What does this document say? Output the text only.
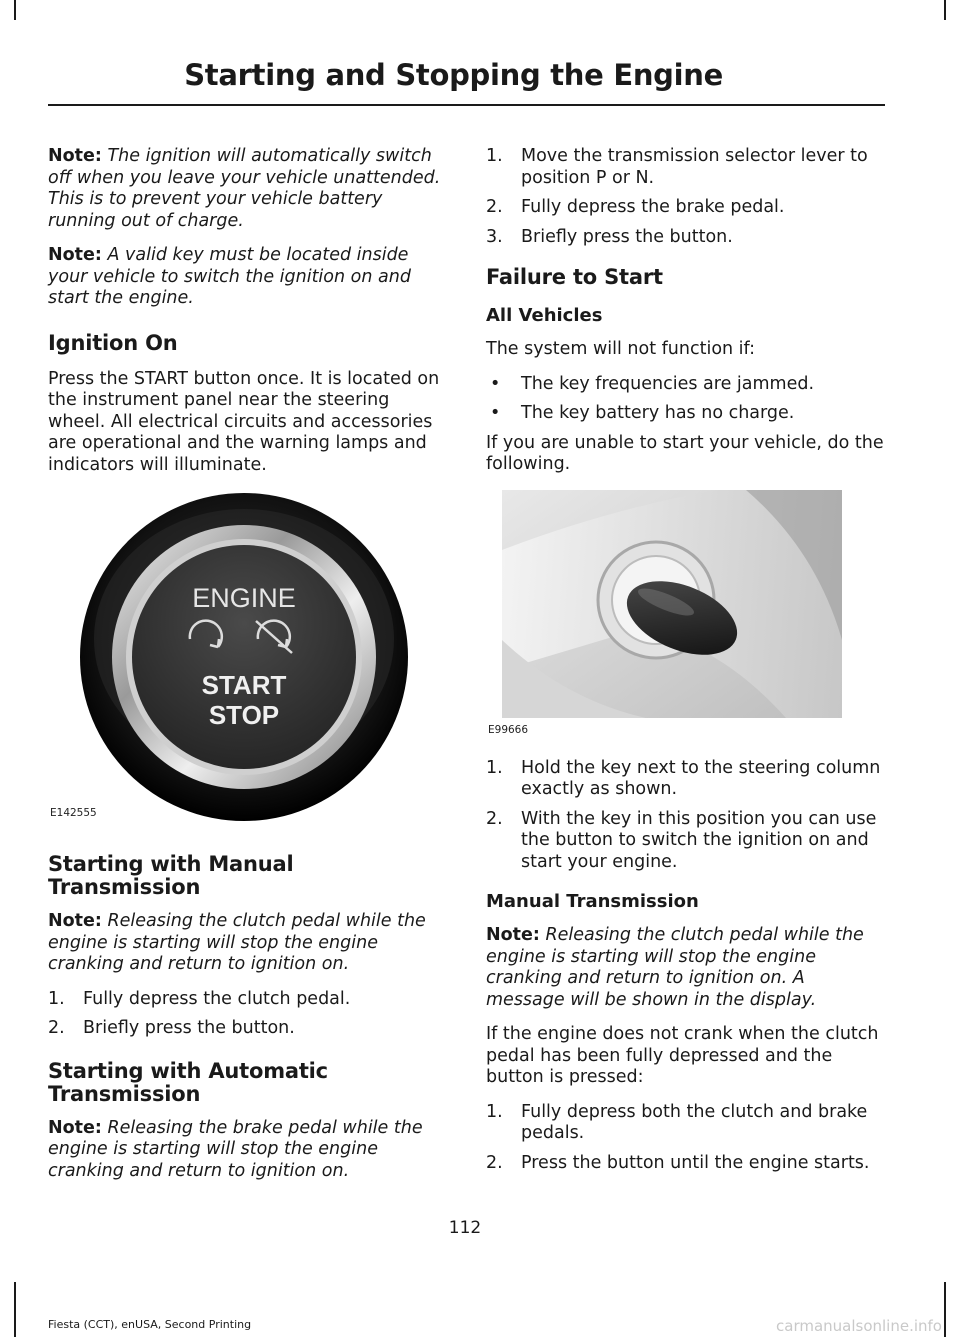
Starting and Stopping the Engine

Note: The ignition will automatically switch off when you leave your vehicle unattended. This is to prevent your vehicle battery running out of charge.

Note: A valid key must be located inside your vehicle to switch the ignition on and start the engine.

Ignition On

Press the START button once. It is located on the instrument panel near the steering wheel. All electrical circuits and accessories are operational and the warning lamps and indicators will illuminate.

ENGINE
START
STOP
E142555
Starting with Manual
Transmission

Note: Releasing the clutch pedal while the engine is starting will stop the engine cranking and return to ignition on.

1.	Fully depress the clutch pedal.
2.	Briefly press the button.
Starting with Automatic
Transmission

Note: Releasing the brake pedal while the engine is starting will stop the engine cranking and return to ignition on.

1.	Move the transmission selector lever to position P or N.
2.	Fully depress the brake pedal.
3.	Briefly press the button.
Failure to Start
All Vehicles

The system will not function if:

•	The key frequencies are jammed.
•	The key battery has no charge.

If you are unable to start your vehicle, do the following.

E99666
1.	Hold the key next to the steering column exactly as shown.
2.	With the key in this position you can use the button to switch the ignition on and start your engine.
Manual Transmission

Note: Releasing the clutch pedal while the engine is starting will stop the engine cranking and return to ignition on. A message will be shown in the display.

If the engine does not crank when the clutch pedal has been fully depressed and the button is pressed:

1.	Fully depress both the clutch and brake pedals.
2.	Press the button until the engine starts.
112
Fiesta (CCT), enUSA, Second Printing	carmanualsonline.info
